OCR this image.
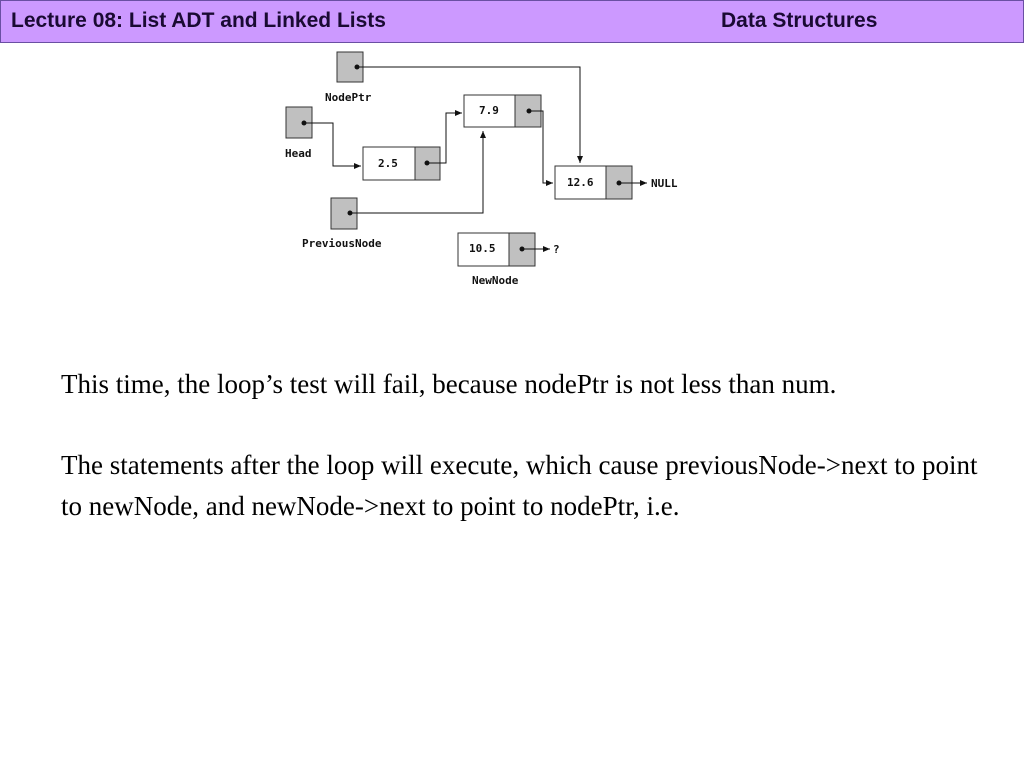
Lecture 08: List ADT and Linked Lists	Data Structures
NodePtr
Head
PreviousNode
2.5
7.9
12.6	NULL
10.5	?
NewNode

This time, the loop’s test will fail, because nodePtr is not less than num.

The statements after the loop will execute, which cause previousNode->next to point to newNode, and newNode->next to point to nodePtr, i.e.
